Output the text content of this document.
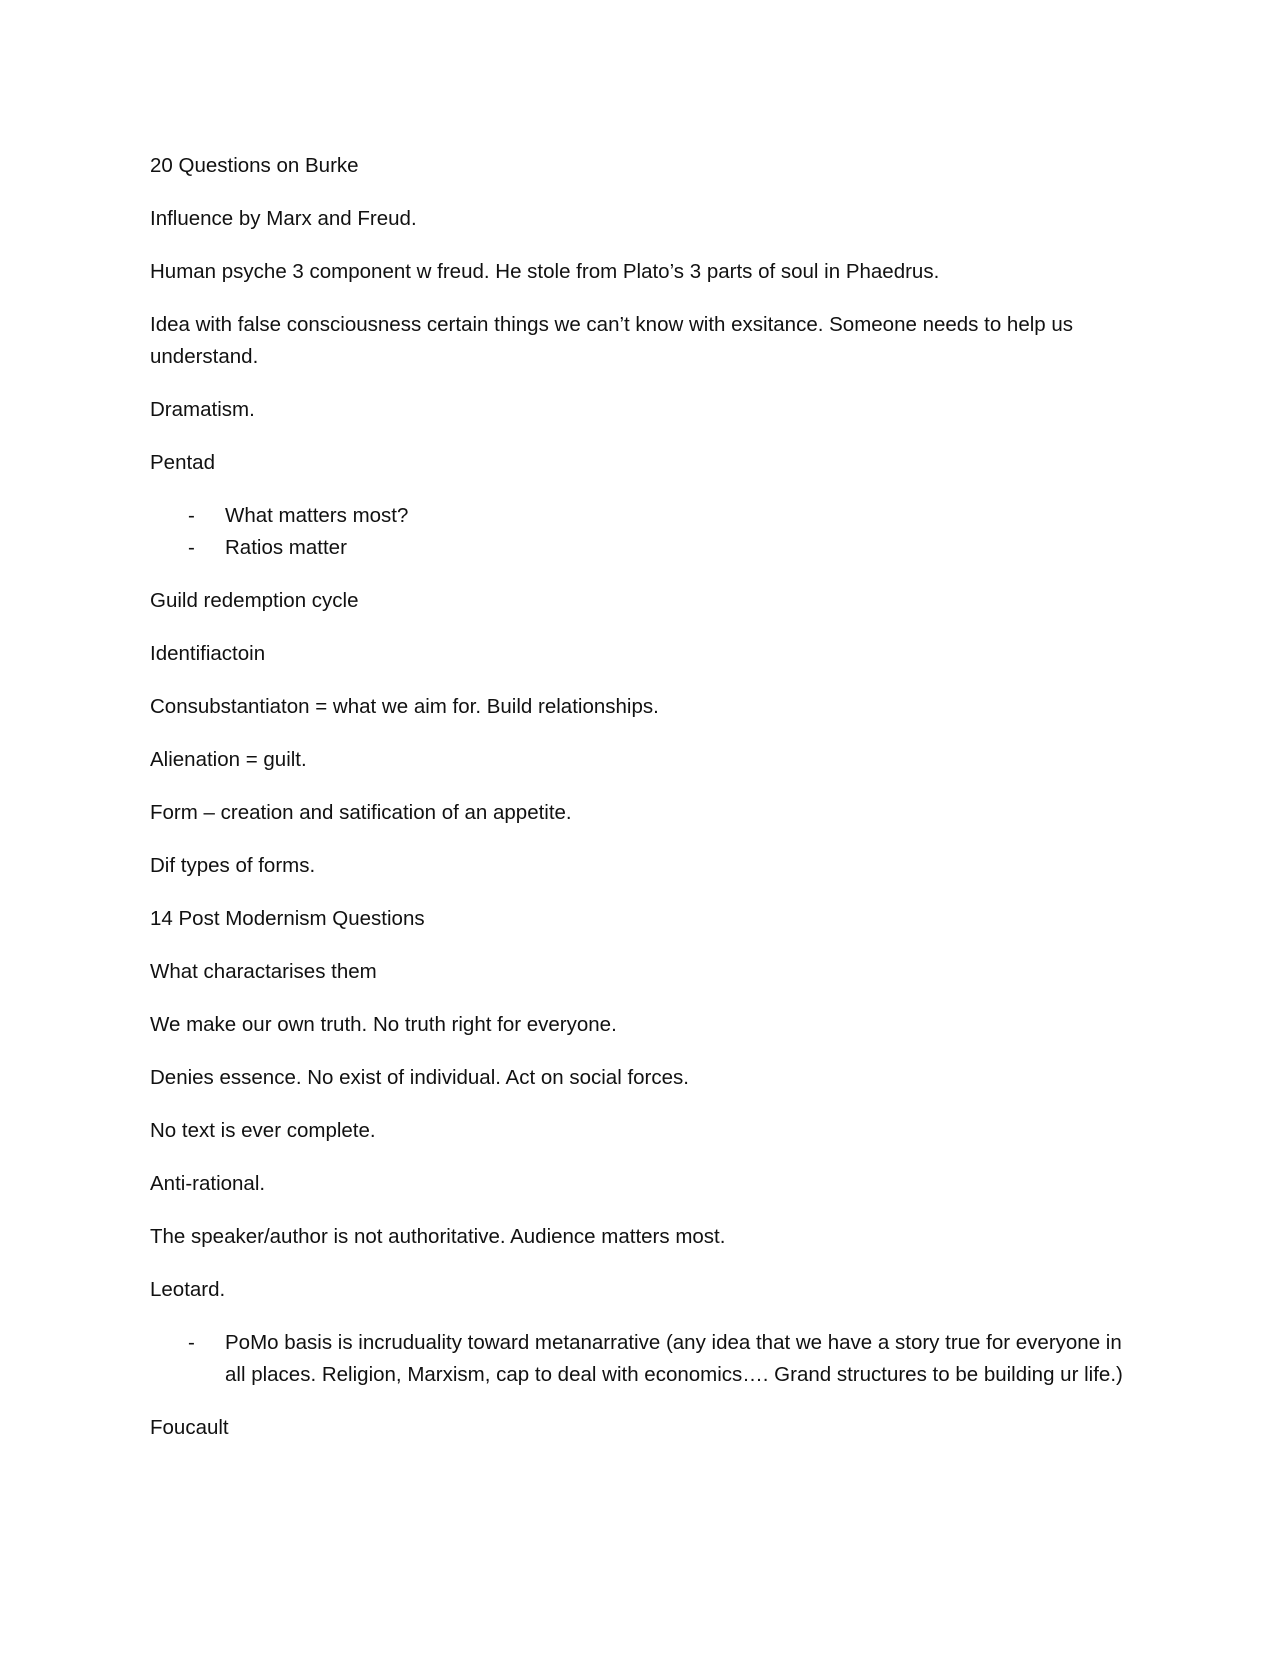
20 Questions on Burke

Influence by Marx and Freud.

Human psyche 3 component w freud. He stole from Plato’s 3 parts of soul in Phaedrus.

Idea with false consciousness certain things we can’t know with exsitance. Someone needs to help us understand.

Dramatism.

Pentad

- What matters most?
- Ratios matter

Guild redemption cycle

Identifiactoin

Consubstantiaton = what we aim for. Build relationships.

Alienation = guilt.

Form – creation and satification of an appetite.

Dif types of forms.

14 Post Modernism Questions

What charactarises them

We make our own truth. No truth right for everyone.

Denies essence. No exist of individual. Act on social forces.

No text is ever complete.

Anti-rational.

The speaker/author is not authoritative. Audience matters most.

Leotard.

- PoMo basis is incruduality toward metanarrative (any idea that we have a story true for everyone in all places. Religion, Marxism, cap to deal with economics…. Grand structures to be building ur life.)

Foucault
